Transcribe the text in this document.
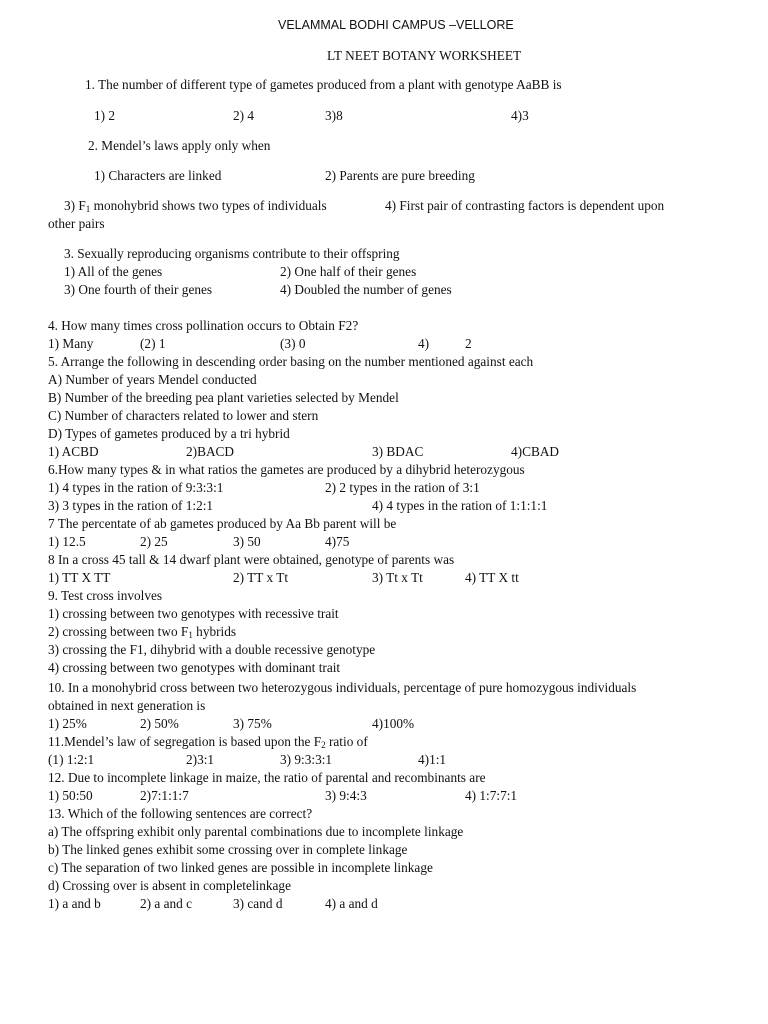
VELAMMAL BODHI CAMPUS –VELLORE
LT NEET BOTANY WORKSHEET
1. The number of different type of gametes produced from a plant with genotype AaBB is
1) 2	2) 4	3)8	4)3
2. Mendel’s laws apply only when
1) Characters are linked	2) Parents are pure breeding
3) $F_1$ monohybrid shows two types of individuals	4) First pair of contrasting factors is dependent upon
other pairs
3. Sexually reproducing organisms contribute to their offspring
1) All of the genes	2) One half of their genes
3) One fourth of their genes	4) Doubled the number of genes
4. How many times cross pollination occurs to Obtain F2?
1) Many	(2) 1	(3) 0	4)	2
5. Arrange the following in descending order basing on the number mentioned against each
A) Number of years Mendel conducted
B) Number of the breeding pea plant varieties selected by Mendel
C) Number of characters related to lower and stern
D) Types of gametes produced by a tri hybrid
1) ACBD	2)BACD	3) BDAC	4)CBAD
6.How many types & in what ratios the gametes are produced by a dihybrid heterozygous
1) 4 types in the ration of 9:3:3:1	2) 2 types in the ration of 3:1
3) 3 types in the ration of 1:2:1	4) 4 types in the ration of 1:1:1:1
7 The percentate of ab gametes produced by Aa Bb parent will be
1) 12.5	2) 25	3) 50	4)75
8 In a cross 45 tall & 14 dwarf plant were obtained, genotype of parents was
1) TT X TT	2) TT x Tt	3) Tt x Tt	4) TT X tt
9. Test cross involves
1) crossing between two genotypes with recessive trait
2) crossing between two $F_1$ hybrids
3) crossing the F1, dihybrid with a double recessive genotype
4) crossing between two genotypes with dominant trait
10. In a monohybrid cross between two heterozygous individuals, percentage of pure homozygous individuals
obtained in next generation is
1) 25%	2) 50%	3) 75%	4)100%
11.Mendel’s law of segregation is based upon the $F_2$ ratio of
(1) 1:2:1	2)3:1	3) 9:3:3:1	4)1:1
12. Due to incomplete linkage in maize, the ratio of parental and recombinants are
1) 50:50	2)7:1:1:7	3) 9:4:3	4) 1:7:7:1
13. Which of the following sentences are correct?
a) The offspring exhibit only parental combinations due to incomplete linkage
b) The linked genes exhibit some crossing over in complete linkage
c) The separation of two linked genes are possible in incomplete linkage
d) Crossing over is absent in completelinkage
1) a and b	2) a and c	3) cand d	4) a and d
